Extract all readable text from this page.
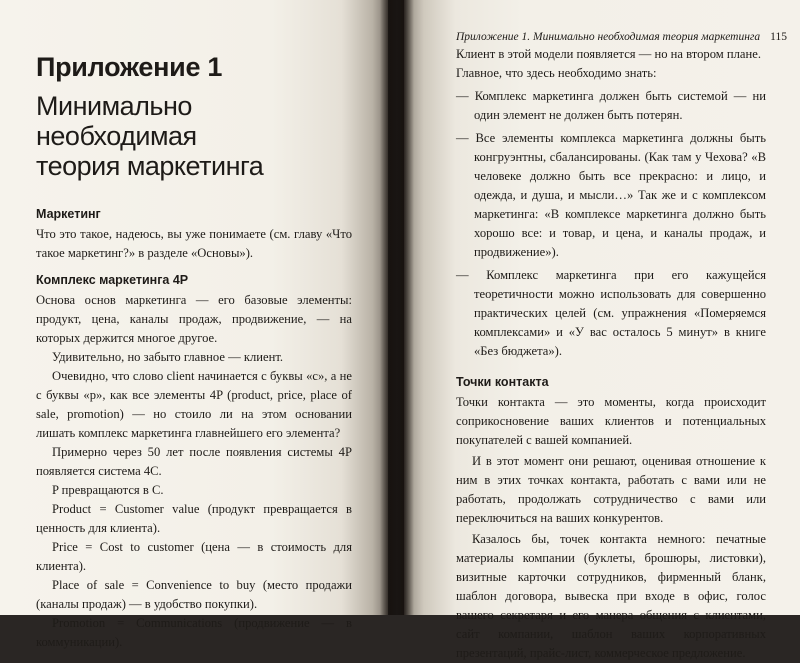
Приложение 1
Минимально необходимая
теория маркетинга
Маркетинг

Что это такое, надеюсь, вы уже понимаете (см. главу «Что такое маркетинг?» в разделе «Основы»).

Комплекс маркетинга 4P

Основа основ маркетинга — его базовые элементы: продукт, цена, каналы продаж, продвижение, — на которых держится многое другое.

Удивительно, но забыто главное — клиент.

Очевидно, что слово client начинается с буквы «с», а не с буквы «р», как все элементы 4P (product, price, place of sale, promotion) — но стоило ли на этом основании лишать комплекс маркетинга главнейшего его элемента?

Примерно через 50 лет после появления системы 4P появляется система 4C.

P превращаются в C.

Product = Customer value (продукт превращается в ценность для клиента).

Price = Cost to customer (цена — в стоимость для клиента).

Place of sale = Convenience to buy (место продажи (каналы продаж) — в удобство покупки).

Promotion = Communications (продвижение — в коммуникации).

Приложение 1. Минимально необходимая теория маркетинга 115

Клиент в этой модели появляется — но на втором плане.

Главное, что здесь необходимо знать:

— Комплекс маркетинга должен быть системой — ни один элемент не должен быть потерян.

— Все элементы комплекса маркетинга должны быть конгруэнтны, сбалансированы. (Как там у Чехова? «В человеке должно быть все прекрасно: и лицо, и одежда, и душа, и мысли…» Так же и с комплексом маркетинга: «В комплексе маркетинга должно быть хорошо все: и товар, и цена, и каналы продаж, и продвижение»).

— Комплекс маркетинга при его кажущейся теоретичности можно использовать для совершенно практических целей (см. упражнения «Померяемся комплексами» и «У вас осталось 5 минут» в книге «Без бюджета»).

Точки контакта

Точки контакта — это моменты, когда происходит соприкосновение ваших клиентов и потенциальных покупателей с вашей компанией.

И в этот момент они решают, оценивая отношение к ним в этих точках контакта, работать с вами или не работать, продолжать сотрудничество с вами или переключиться на ваших конкурентов.

Казалось бы, точек контакта немного: печатные материалы компании (буклеты, брошюры, листовки), визитные карточки сотрудников, фирменный бланк, шаблон договора, вывеска при входе в офис, голос вашего секретаря и его манера общения с клиентами, сайт компании, шаблон ваших корпоративных презентаций, прайс-лист, коммерческое предложение.
